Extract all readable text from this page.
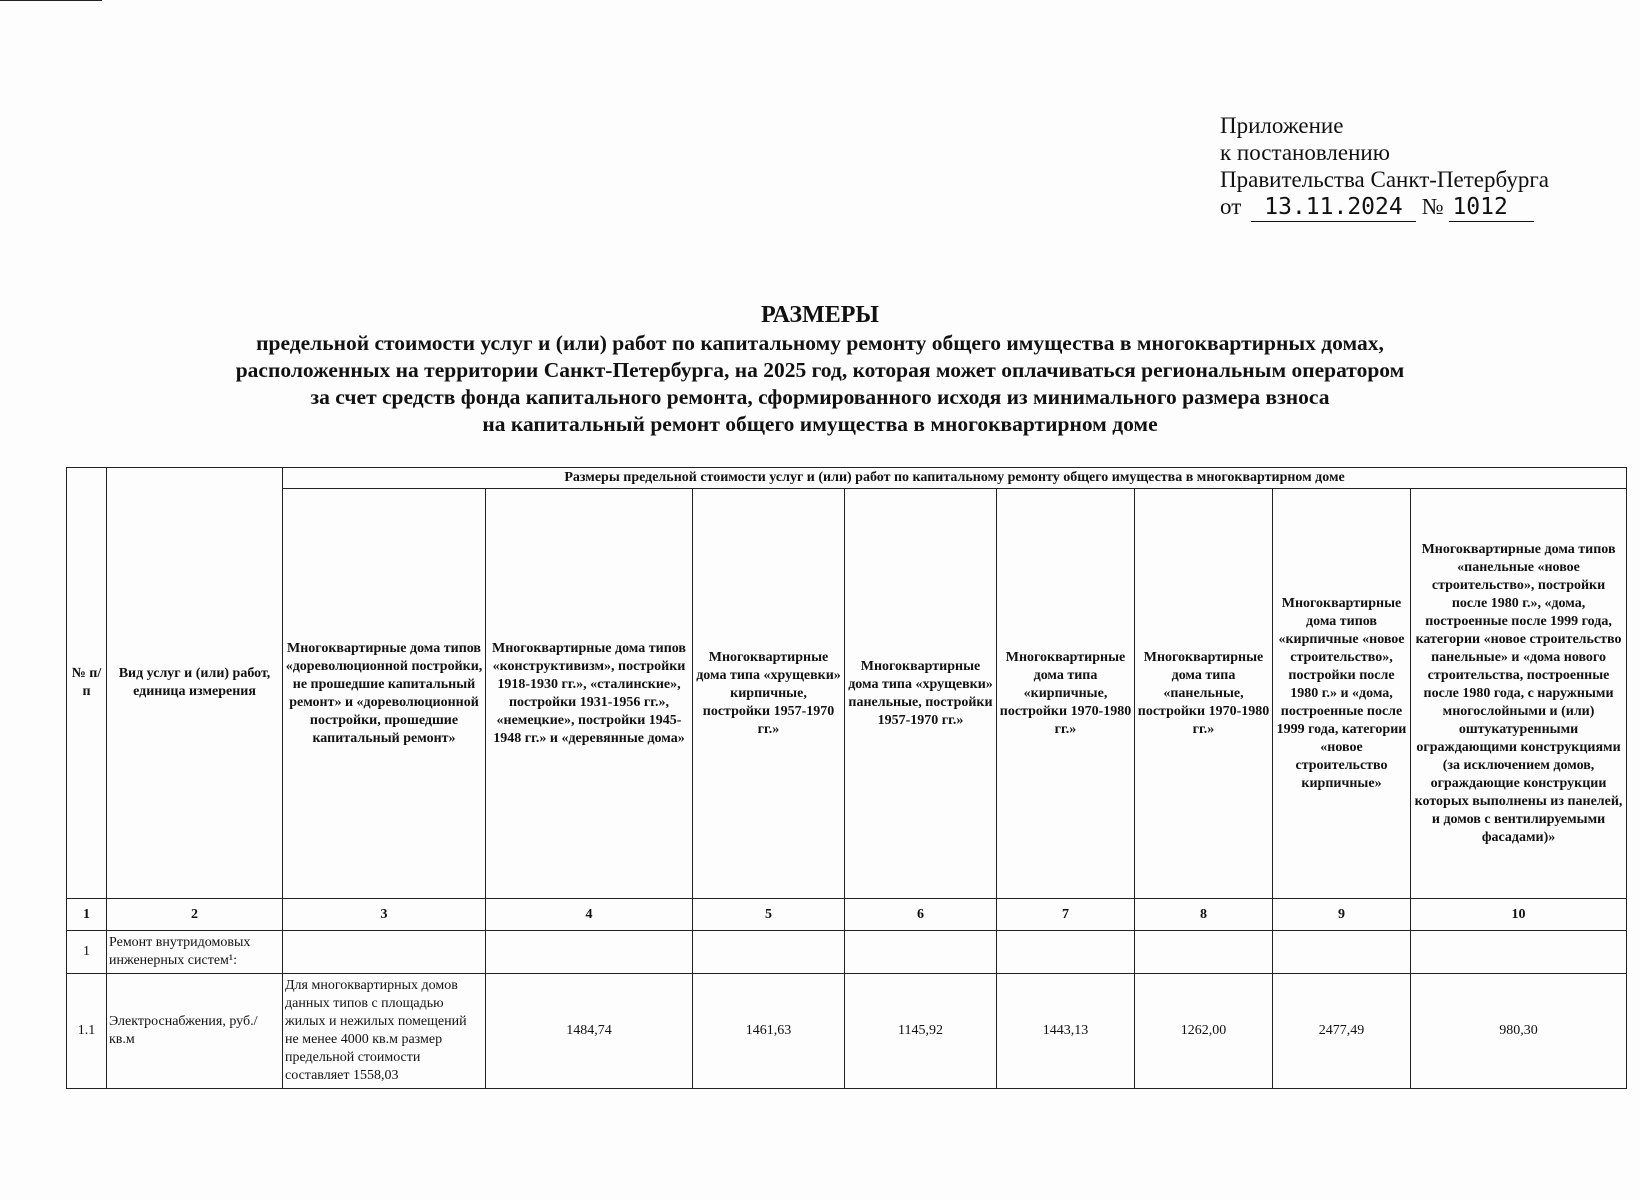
Приложение
к постановлению
Правительства Санкт-Петербурга
от 13.11.2024 № 1012
РАЗМЕРЫ
предельной стоимости услуг и (или) работ по капитальному ремонту общего имущества в многоквартирных домах,
расположенных на территории Санкт-Петербурга, на 2025 год, которая может оплачиваться региональным оператором
за счет средств фонда капитального ремонта, сформированного исходя из минимального размера взноса
на капитальный ремонт общего имущества в многоквартирном доме
№ п/п	Вид услуг и (или) работ, единица измерения	Размеры предельной стоимости услуг и (или) работ по капитальному ремонту общего имущества в многоквартирном доме							
		Многоквартирные дома типов «дореволюционной постройки, не прошедшие капитальный ремонт» и «дореволюционной постройки, прошедшие капитальный ремонт»	Многоквартирные дома типов «конструктивизм», постройки 1918-1930 гг.», «сталинские», постройки 1931-1956 гг.», «немецкие», постройки 1945-1948 гг.» и «деревянные дома»	Многоквартирные дома типа «хрущевки» кирпичные, постройки 1957-1970 гг.»	Многоквартирные дома типа «хрущевки» панельные, постройки 1957-1970 гг.»	Многоквартирные дома типа «кирпичные, постройки 1970-1980 гг.»	Многоквартирные дома типа «панельные, постройки 1970-1980 гг.»	Многоквартирные дома типов «кирпичные «новое строительство», постройки после 1980 г.» и «дома, построенные после 1999 года, категории «новое строительство кирпичные»	Многоквартирные дома типов «панельные «новое строительство», постройки после 1980 г.», «дома, построенные после 1999 года, категории «новое строительство панельные» и «дома нового строительства, построенные после 1980 года, с наружными многослойными и (или) оштукатуренными ограждающими конструкциями (за исключением домов, ограждающие конструкции которых выполнены из панелей, и домов с вентилируемыми фасадами)»
1	2	3	4	5	6	7	8	9	10
1	Ремонт внутридомовых инженерных систем¹:								
1.1	Электроснабжения, руб./кв.м	Для многоквартирных домов данных типов с площадью жилых и нежилых помещений не менее 4000 кв.м размер предельной стоимости составляет 1558,03	1484,74	1461,63	1145,92	1443,13	1262,00	2477,49	980,30
